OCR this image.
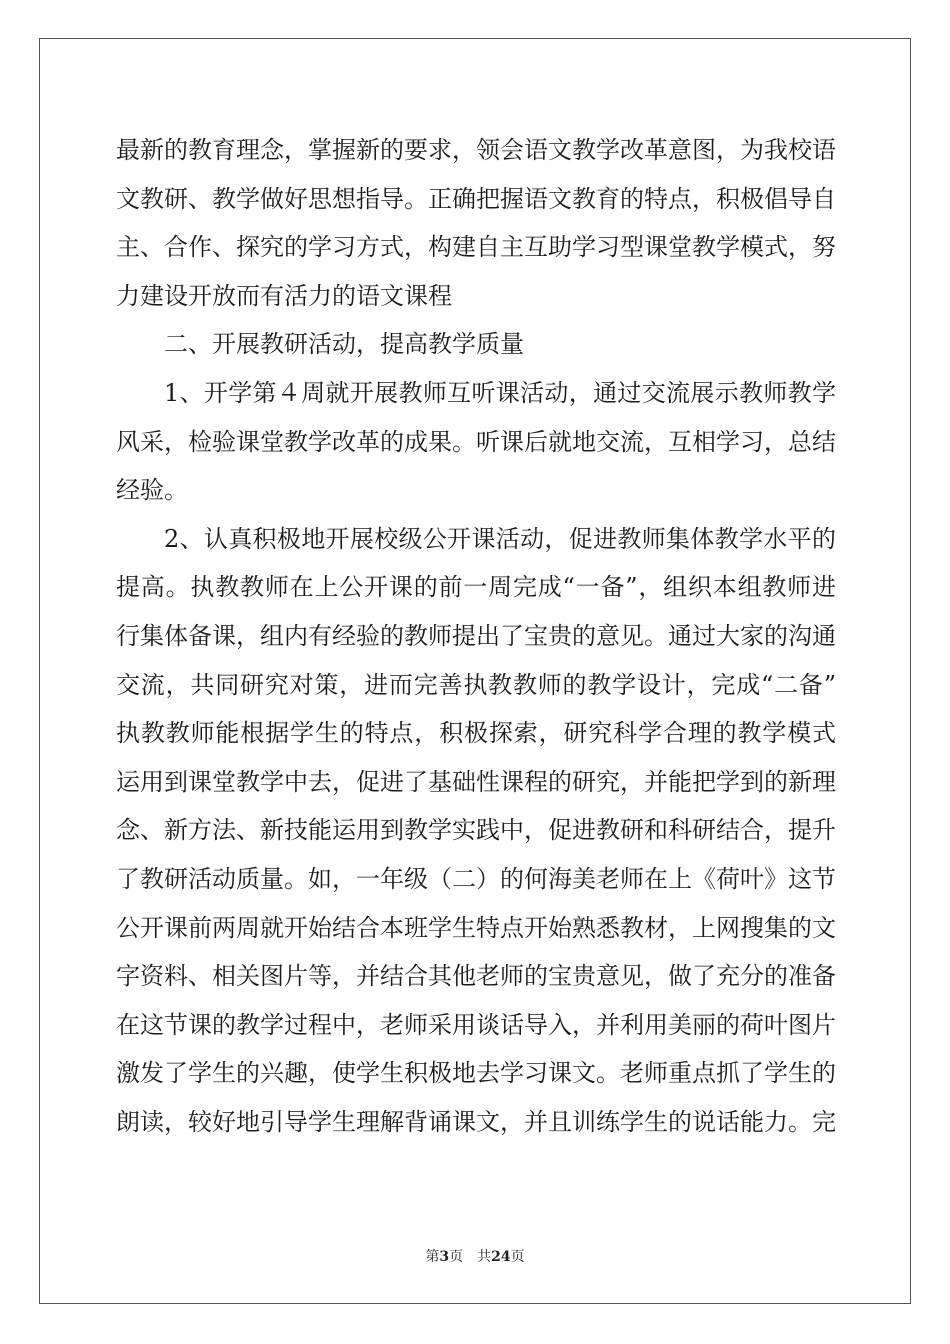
最新的教育理念，掌握新的要求，领会语文教学改革意图，为我校语
文教研、教学做好思想指导。正确把握语文教育的特点，积极倡导自
主、合作、探究的学习方式，构建自主互助学习型课堂教学模式，努
力建设开放而有活力的语文课程
二、开展教研活动，提高教学质量
1、开学第４周就开展教师互听课活动，通过交流展示教师教学
风采，检验课堂教学改革的成果。听课后就地交流，互相学习，总结
经验。
2、认真积极地开展校级公开课活动，促进教师集体教学水平的
提高。执教教师在上公开课的前一周完成“一备”，组织本组教师进
行集体备课，组内有经验的教师提出了宝贵的意见。通过大家的沟通
交流，共同研究对策，进而完善执教教师的教学设计，完成“二备”
执教教师能根据学生的特点，积极探索，研究科学合理的教学模式
运用到课堂教学中去，促进了基础性课程的研究，并能把学到的新理
念、新方法、新技能运用到教学实践中，促进教研和科研结合，提升
了教研活动质量。如，一年级（二）的何海美老师在上《荷叶》这节
公开课前两周就开始结合本班学生特点开始熟悉教材，上网搜集的文
字资料、相关图片等，并结合其他老师的宝贵意见，做了充分的准备
在这节课的教学过程中，老师采用谈话导入，并利用美丽的荷叶图片
激发了学生的兴趣，使学生积极地去学习课文。老师重点抓了学生的
朗读，较好地引导学生理解背诵课文，并且训练学生的说话能力。完
第3页 共24页
